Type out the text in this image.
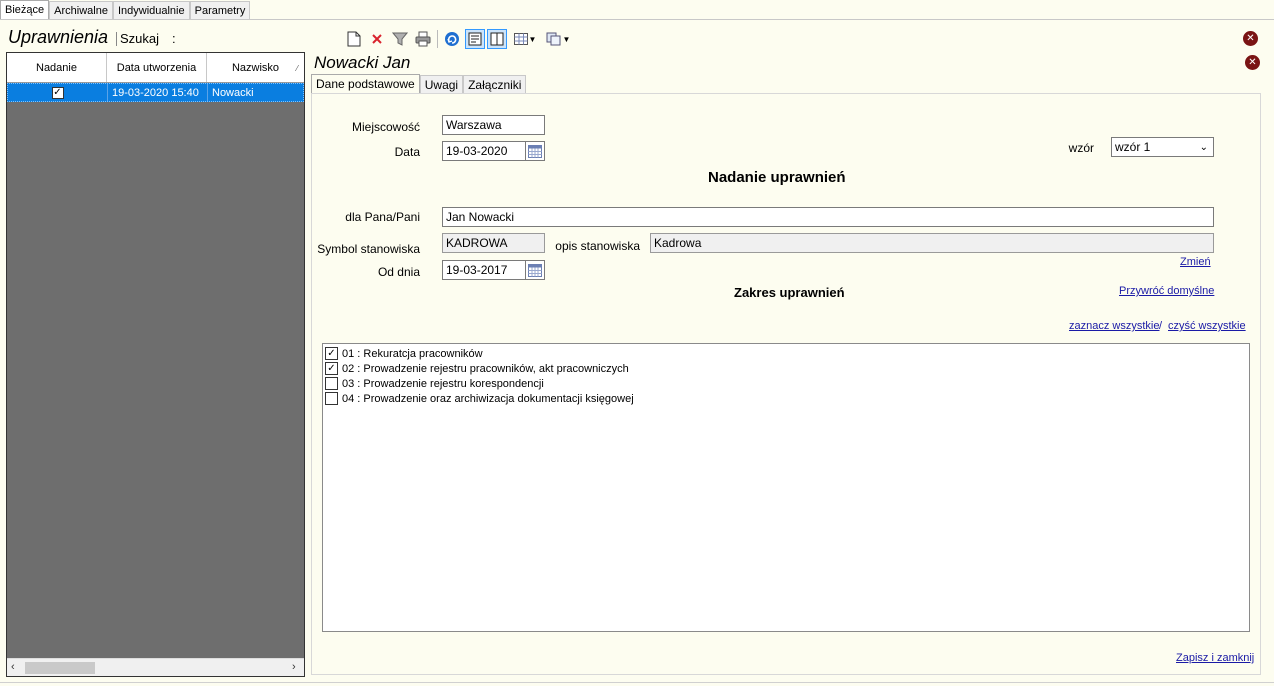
Bieżące Archiwalne Indywidualnie Parametry
Uprawnienia Szukaj :	▼	▼	✕
Nadanie	Data utworzenia	Nazwisko ⁄
✓	19-03-2020 15:40	Nowacki
‹	›
Nowacki Jan	✕
Dane podstawowe Uwagi Załączniki
Miejscowość	Warszawa
Data	19-03-2020	wzór	wzór 1	⌄
Nadanie uprawnień
dla Pana/Pani	Jan Nowacki
Symbol stanowiska	KADROWA	opis stanowiska	Kadrowa
Zmień
Od dnia	19-03-2017
Zakres uprawnień	Przywróć domyślne
zaznacz wszystkie / czyść wszystkie
✓ 01 : Rekuratcja pracowników
✓ 02 : Prowadzenie rejestru pracowników, akt pracowniczych
03 : Prowadzenie rejestru korespondencji
04 : Prowadzenie oraz archiwizacja dokumentacji księgowej
Zapisz i zamknij
